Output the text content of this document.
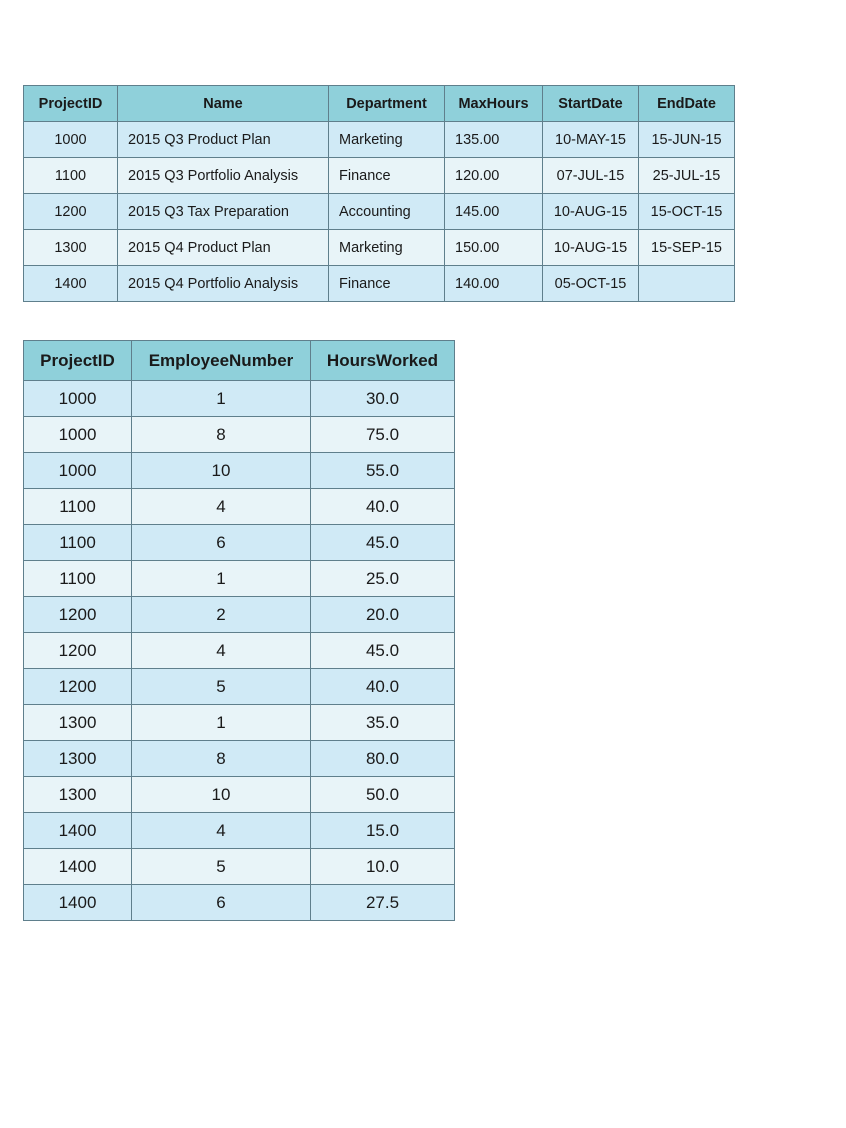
ProjectID	Name	Department	MaxHours	StartDate	EndDate
1000	2015 Q3 Product Plan	Marketing	135.00	10-MAY-15	15-JUN-15
1100	2015 Q3 Portfolio Analysis	Finance	120.00	07-JUL-15	25-JUL-15
1200	2015 Q3 Tax Preparation	Accounting	145.00	10-AUG-15	15-OCT-15
1300	2015 Q4 Product Plan	Marketing	150.00	10-AUG-15	15-SEP-15
1400	2015 Q4 Portfolio Analysis	Finance	140.00	05-OCT-15	
ProjectID	EmployeeNumber	HoursWorked
1000	1	30.0
1000	8	75.0
1000	10	55.0
1100	4	40.0
1100	6	45.0
1100	1	25.0
1200	2	20.0
1200	4	45.0
1200	5	40.0
1300	1	35.0
1300	8	80.0
1300	10	50.0
1400	4	15.0
1400	5	10.0
1400	6	27.5
